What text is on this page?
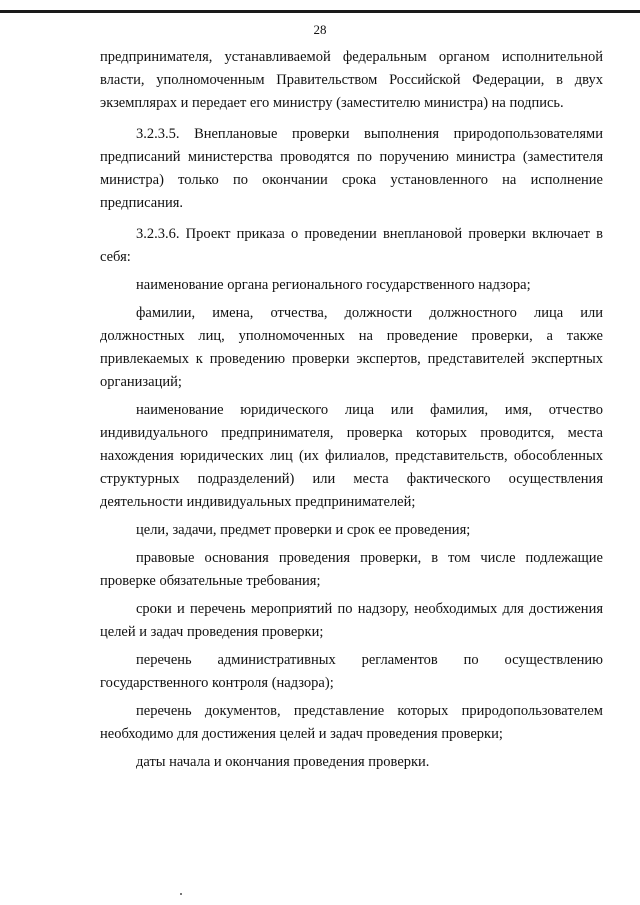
28

предпринимателя, устанавливаемой федеральным органом исполнительной власти, уполномоченным Правительством Российской Федерации, в двух экземплярах и передает его министру (заместителю министра) на подпись.

3.2.3.5. Внеплановые проверки выполнения природопользователями предписаний министерства проводятся по поручению министра (заместителя министра) только по окончании срока установленного на исполнение предписания.

3.2.3.6. Проект приказа о проведении внеплановой проверки включает в себя:

наименование органа регионального государственного надзора;

фамилии, имена, отчества, должности должностного лица или должностных лиц, уполномоченных на проведение проверки, а также привлекаемых к проведению проверки экспертов, представителей экспертных организаций;

наименование юридического лица или фамилия, имя, отчество индивидуального предпринимателя, проверка которых проводится, места нахождения юридических лиц (их филиалов, представительств, обособленных структурных подразделений) или места фактического осуществления деятельности индивидуальных предпринимателей;

цели, задачи, предмет проверки и срок ее проведения;

правовые основания проведения проверки, в том числе подлежащие проверке обязательные требования;

сроки и перечень мероприятий по надзору, необходимых для достижения целей и задач проведения проверки;

перечень административных регламентов по осуществлению государственного контроля (надзора);

перечень документов, представление которых природопользователем необходимо для достижения целей и задач проведения проверки;

даты начала и окончания проведения проверки.
